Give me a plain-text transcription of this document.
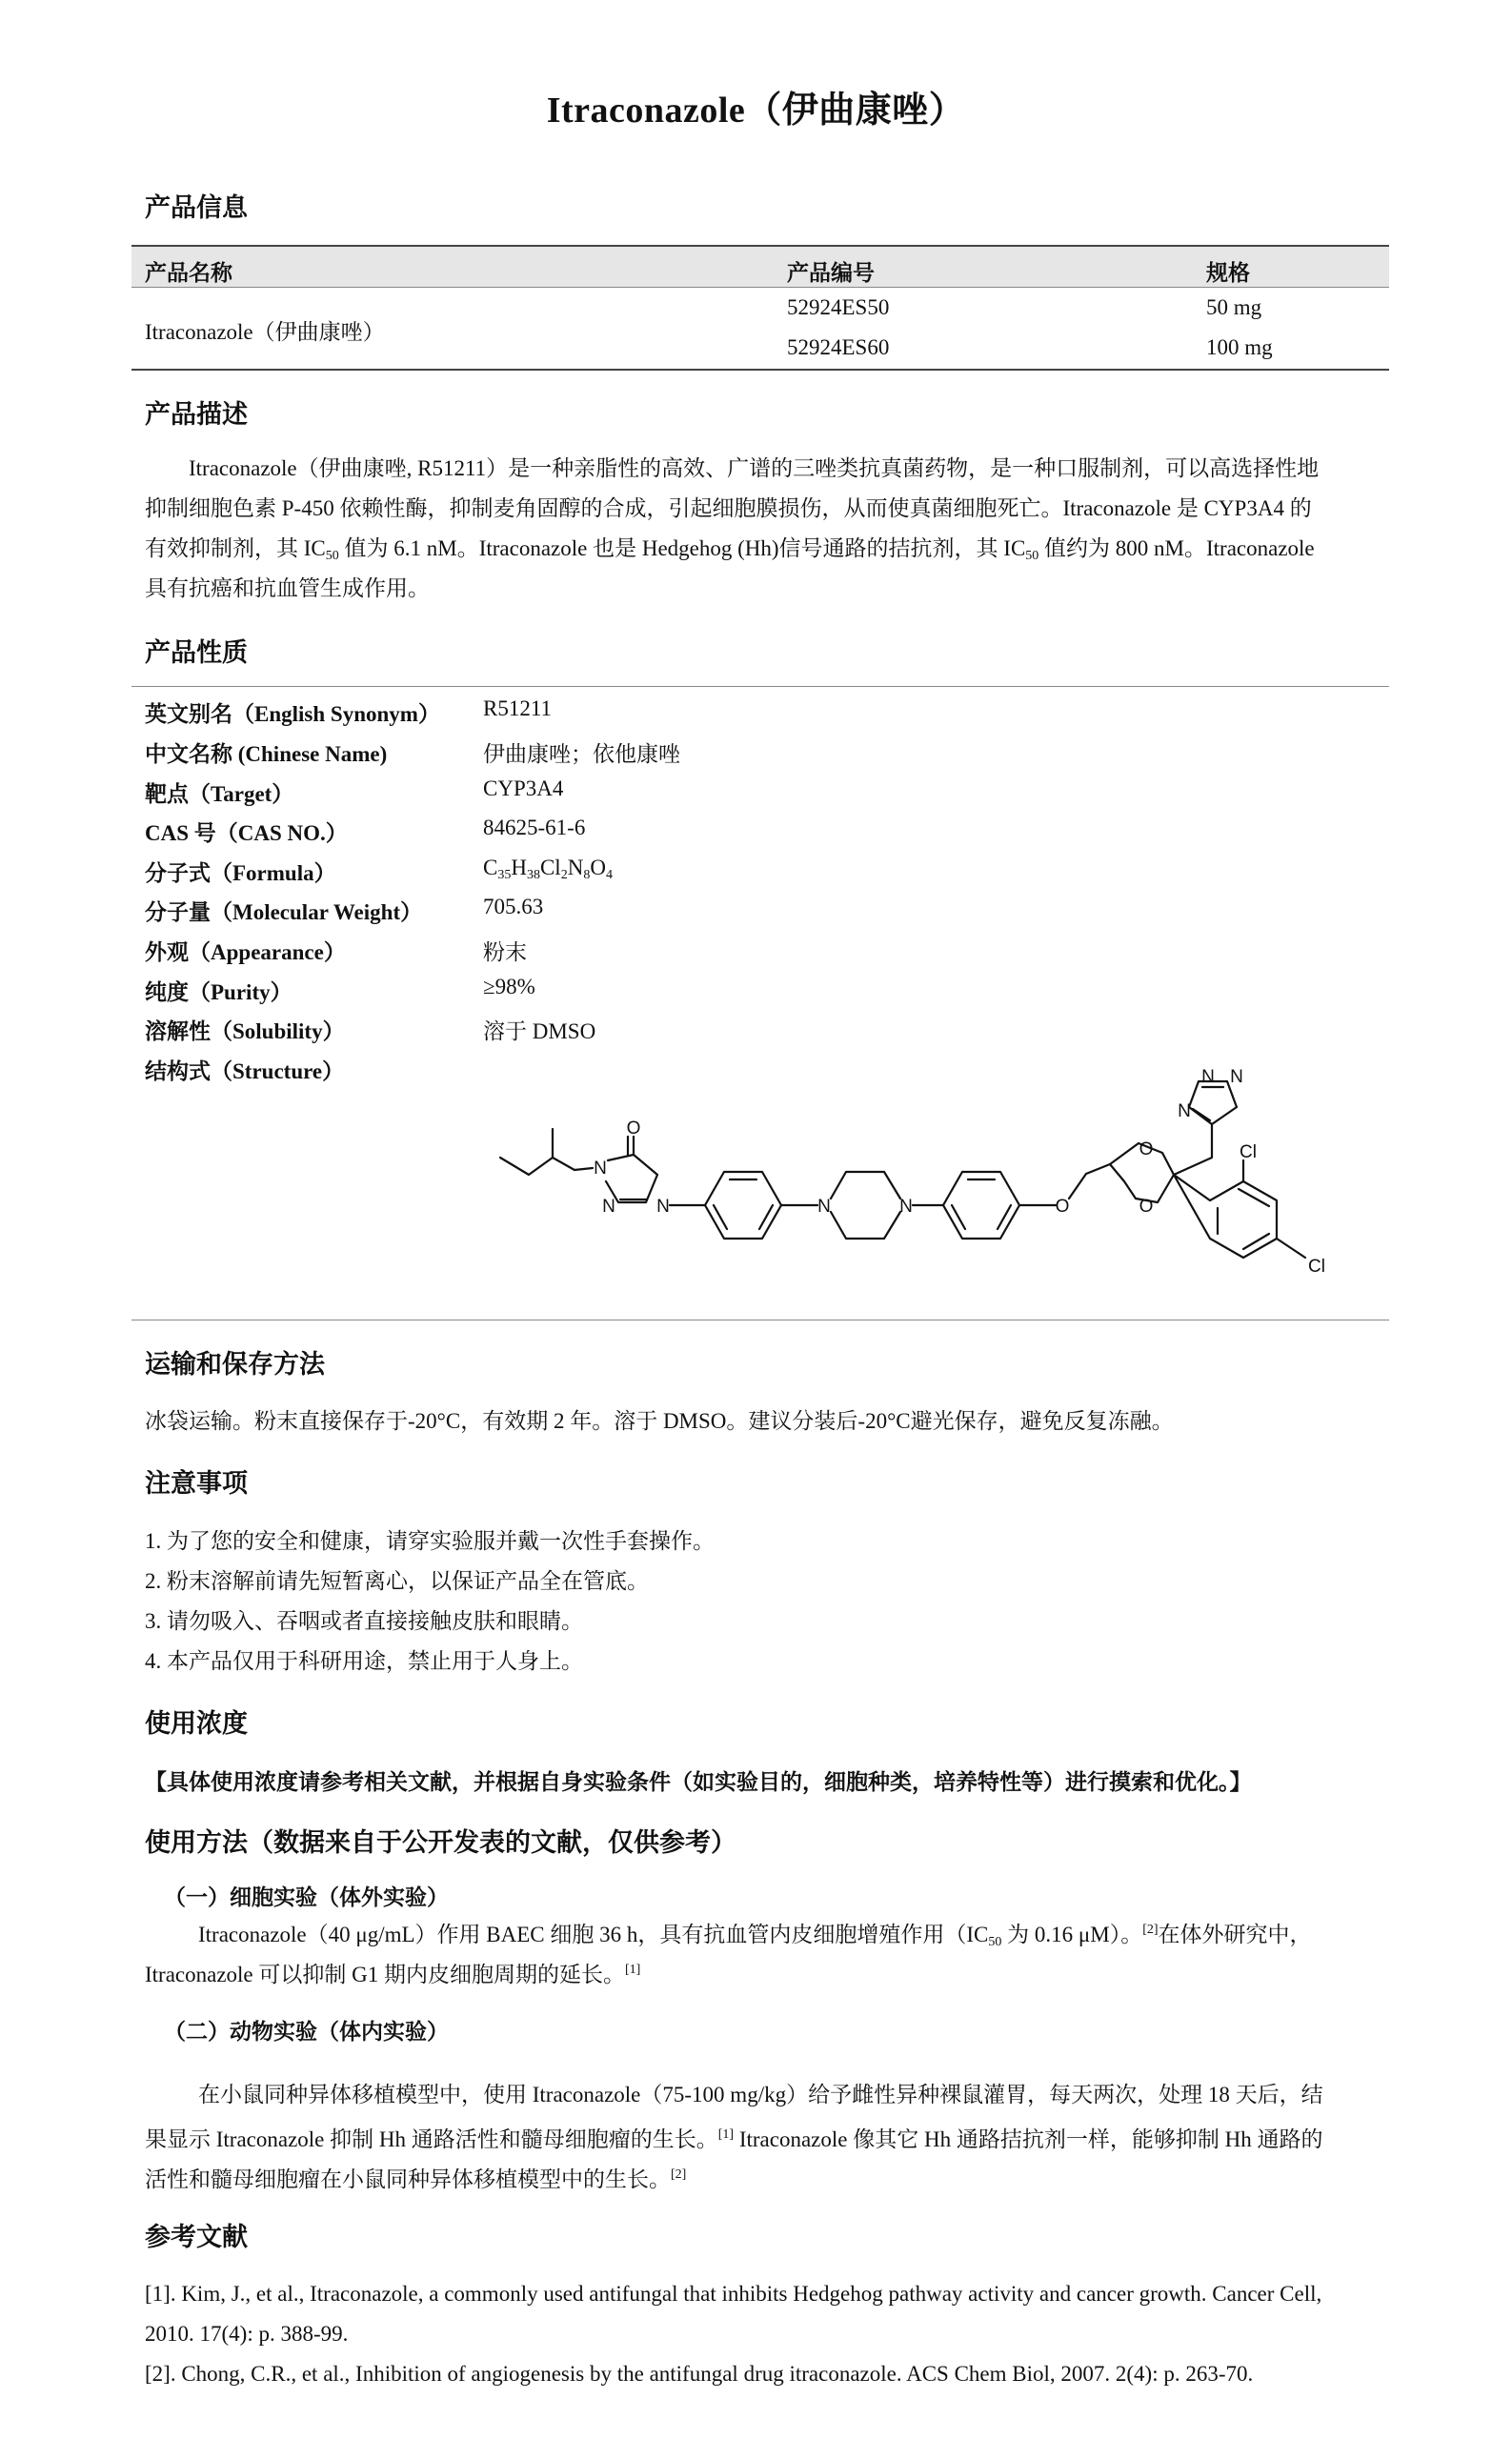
Itraconazole（伊曲康唑）
产品信息
产品名称	产品编号	规格
Itraconazole（伊曲康唑）
52924ES50	50 mg
52924ES60	100 mg
产品描述
Itraconazole（伊曲康唑, R51211）是一种亲脂性的高效、广谱的三唑类抗真菌药物，是一种口服制剂，可以高选择性地
抑制细胞色素 P-450 依赖性酶，抑制麦角固醇的合成，引起细胞膜损伤，从而使真菌细胞死亡。Itraconazole 是 CYP3A4 的
有效抑制剂，其 $IC_{50}$ 值为 6.1 nM。Itraconazole 也是 Hedgehog (Hh)信号通路的拮抗剂，其 $IC_{50}$ 值约为 800 nM。Itraconazole
具有抗癌和抗血管生成作用。
产品性质
英文别名（English Synonym） R51211
中文名称 (Chinese Name)	伊曲康唑；依他康唑
靶点（Target）	CYP3A4
CAS 号（CAS NO.）	84625-61-6
分子式（Formula）	$C_{35}H_{38}Cl_2N_8O_4$
分子量（Molecular Weight）	705.63
外观（Appearance）	粉末
纯度（Purity）	≥98%
溶解性（Solubility）	溶于 DMSO
结构式（Structure）
O
N
N N	N	N	O
O
O
N
N N
Cl
Cl
运输和保存方法
冰袋运输。粉末直接保存于-20°C，有效期 2 年。溶于 DMSO。建议分装后-20°C避光保存，避免反复冻融。
注意事项
1. 为了您的安全和健康，请穿实验服并戴一次性手套操作。
2. 粉末溶解前请先短暂离心，以保证产品全在管底。
3. 请勿吸入、吞咽或者直接接触皮肤和眼睛。
4. 本产品仅用于科研用途，禁止用于人身上。
使用浓度
【具体使用浓度请参考相关文献，并根据自身实验条件（如实验目的，细胞种类，培养特性等）进行摸索和优化。】
使用方法（数据来自于公开发表的文献，仅供参考）
（一）细胞实验（体外实验）
Itraconazole（40 μg/mL）作用 BAEC 细胞 36 h，具有抗血管内皮细胞增殖作用（$IC_{50}$ 为 0.16 μM）。[2]在体外研究中，
Itraconazole 可以抑制 G1 期内皮细胞周期的延长。[1]
（二）动物实验（体内实验）
在小鼠同种异体移植模型中，使用 Itraconazole（75-100 mg/kg）给予雌性异种裸鼠灌胃，每天两次，处理 18 天后，结
果显示 Itraconazole 抑制 Hh 通路活性和髓母细胞瘤的生长。[1] Itraconazole 像其它 Hh 通路拮抗剂一样，能够抑制 Hh 通路的
活性和髓母细胞瘤在小鼠同种异体移植模型中的生长。[2]
参考文献
[1]. Kim, J., et al., Itraconazole, a commonly used antifungal that inhibits Hedgehog pathway activity and cancer growth. Cancer Cell,
2010. 17(4): p. 388-99.
[2]. Chong, C.R., et al., Inhibition of angiogenesis by the antifungal drug itraconazole. ACS Chem Biol, 2007. 2(4): p. 263-70.
